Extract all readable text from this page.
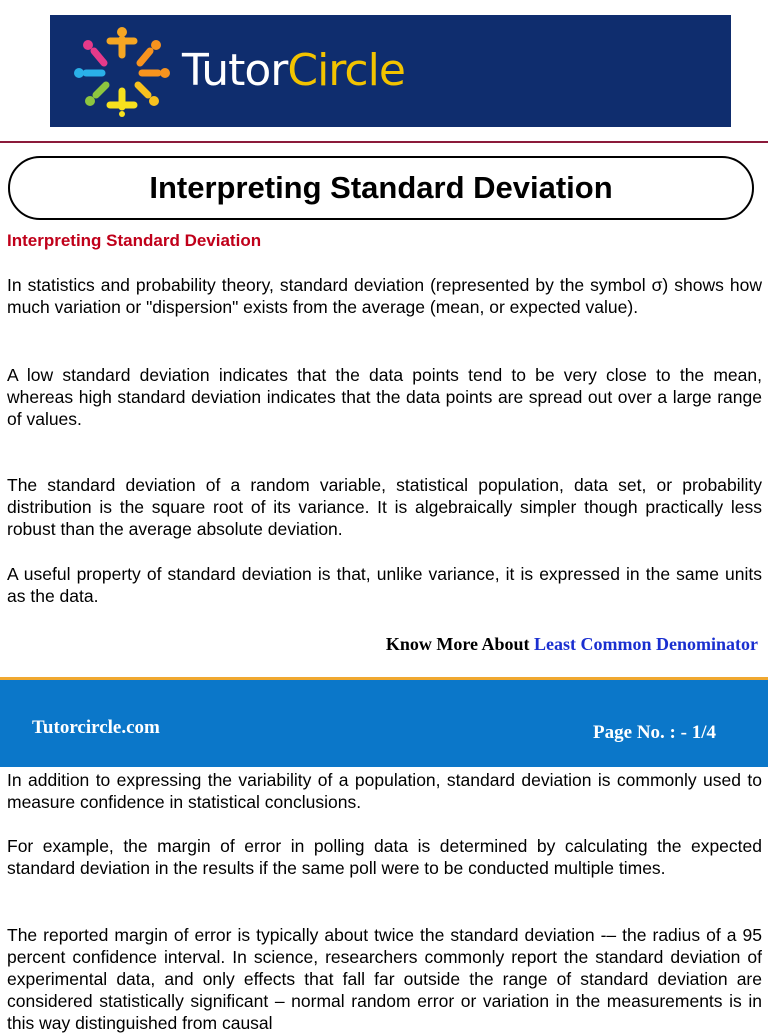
TutorCircle
Interpreting Standard Deviation
Interpreting Standard Deviation

In statistics and probability theory, standard deviation (represented by the symbol σ) shows how much variation or "dispersion" exists from the average (mean, or expected value).

A low standard deviation indicates that the data points tend to be very close to the mean, whereas high standard deviation indicates that the data points are spread out over a large range of values.

The standard deviation of a random variable, statistical population, data set, or probability distribution is the square root of its variance. It is algebraically simpler though practically less robust than the average absolute deviation.

A useful property of standard deviation is that, unlike variance, it is expressed in the same units as the data.

Know More About Least Common Denominator
Tutorcircle.com	Page No. : - 1/4

In addition to expressing the variability of a population, standard deviation is commonly used to measure confidence in statistical conclusions.

For example, the margin of error in polling data is determined by calculating the expected standard deviation in the results if the same poll were to be conducted multiple times.

The reported margin of error is typically about twice the standard deviation -– the radius of a 95 percent confidence interval. In science, researchers commonly report the standard deviation of experimental data, and only effects that fall far outside the range of standard deviation are considered statistically significant – normal random error or variation in the measurements is in this way distinguished from causal
